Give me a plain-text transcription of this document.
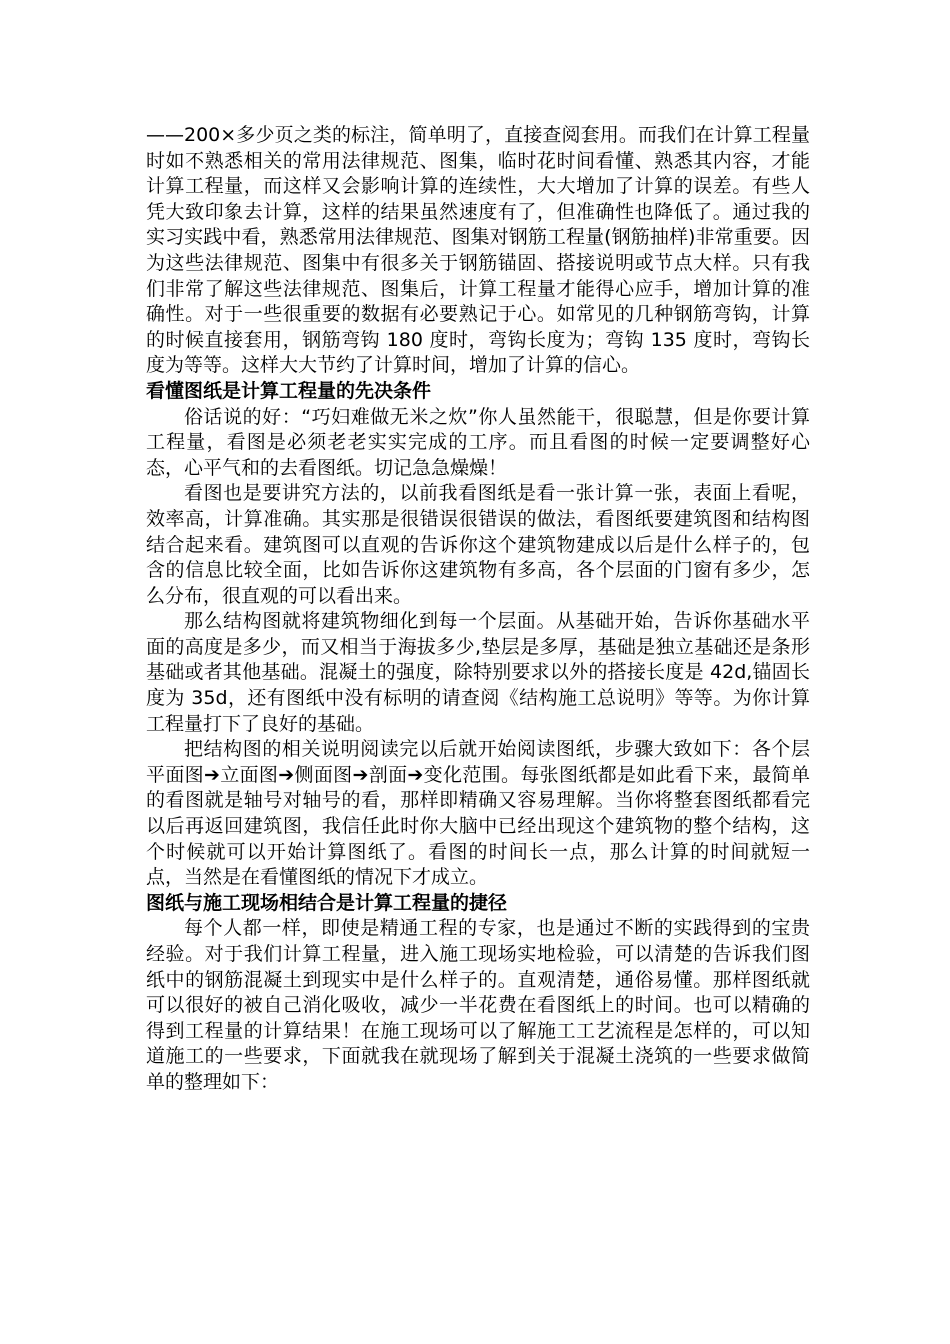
——200×多少页之类的标注，简单明了，直接查阅套用。而我们在计算工程量时如不熟悉相关的常用法律规范、图集，临时花时间看懂、熟悉其内容，才能计算工程量，而这样又会影响计算的连续性，大大增加了计算的误差。有些人凭大致印象去计算，这样的结果虽然速度有了，但准确性也降低了。通过我的实习实践中看，熟悉常用法律规范、图集对钢筋工程量(钢筋抽样)非常重要。因为这些法律规范、图集中有很多关于钢筋锚固、搭接说明或节点大样。只有我们非常了解这些法律规范、图集后，计算工程量才能得心应手，增加计算的准确性。对于一些很重要的数据有必要熟记于心。如常见的几种钢筋弯钩，计算的时候直接套用，钢筋弯钩 180 度时，弯钩长度为；弯钩 135 度时，弯钩长度为等等。这样大大节约了计算时间，增加了计算的信心。

看懂图纸是计算工程量的先决条件

俗话说的好：“巧妇难做无米之炊”你人虽然能干，很聪慧，但是你要计算工程量，看图是必须老老实实完成的工序。而且看图的时候一定要调整好心态，心平气和的去看图纸。切记急急燥燥！

看图也是要讲究方法的，以前我看图纸是看一张计算一张，表面上看呢，效率高，计算准确。其实那是很错误很错误的做法，看图纸要建筑图和结构图结合起来看。建筑图可以直观的告诉你这个建筑物建成以后是什么样子的，包含的信息比较全面，比如告诉你这建筑物有多高，各个层面的门窗有多少，怎么分布，很直观的可以看出来。

那么结构图就将建筑物细化到每一个层面。从基础开始，告诉你基础水平面的高度是多少，而又相当于海拔多少,垫层是多厚，基础是独立基础还是条形基础或者其他基础。混凝土的强度，除特别要求以外的搭接长度是 42d,锚固长度为 35d，还有图纸中没有标明的请查阅《结构施工总说明》等等。为你计算工程量打下了良好的基础。

把结构图的相关说明阅读完以后就开始阅读图纸，步骤大致如下：各个层平面图➔立面图➔侧面图➔剖面➔变化范围。每张图纸都是如此看下来，最简单的看图就是轴号对轴号的看，那样即精确又容易理解。当你将整套图纸都看完以后再返回建筑图，我信任此时你大脑中已经出现这个建筑物的整个结构，这个时候就可以开始计算图纸了。看图的时间长一点，那么计算的时间就短一点，当然是在看懂图纸的情况下才成立。

图纸与施工现场相结合是计算工程量的捷径

每个人都一样，即使是精通工程的专家，也是通过不断的实践得到的宝贵经验。对于我们计算工程量，进入施工现场实地检验，可以清楚的告诉我们图纸中的钢筋混凝土到现实中是什么样子的。直观清楚，通俗易懂。那样图纸就可以很好的被自己消化吸收，减少一半花费在看图纸上的时间。也可以精确的得到工程量的计算结果！在施工现场可以了解施工工艺流程是怎样的，可以知道施工的一些要求，下面就我在就现场了解到关于混凝土浇筑的一些要求做简单的整理如下：
